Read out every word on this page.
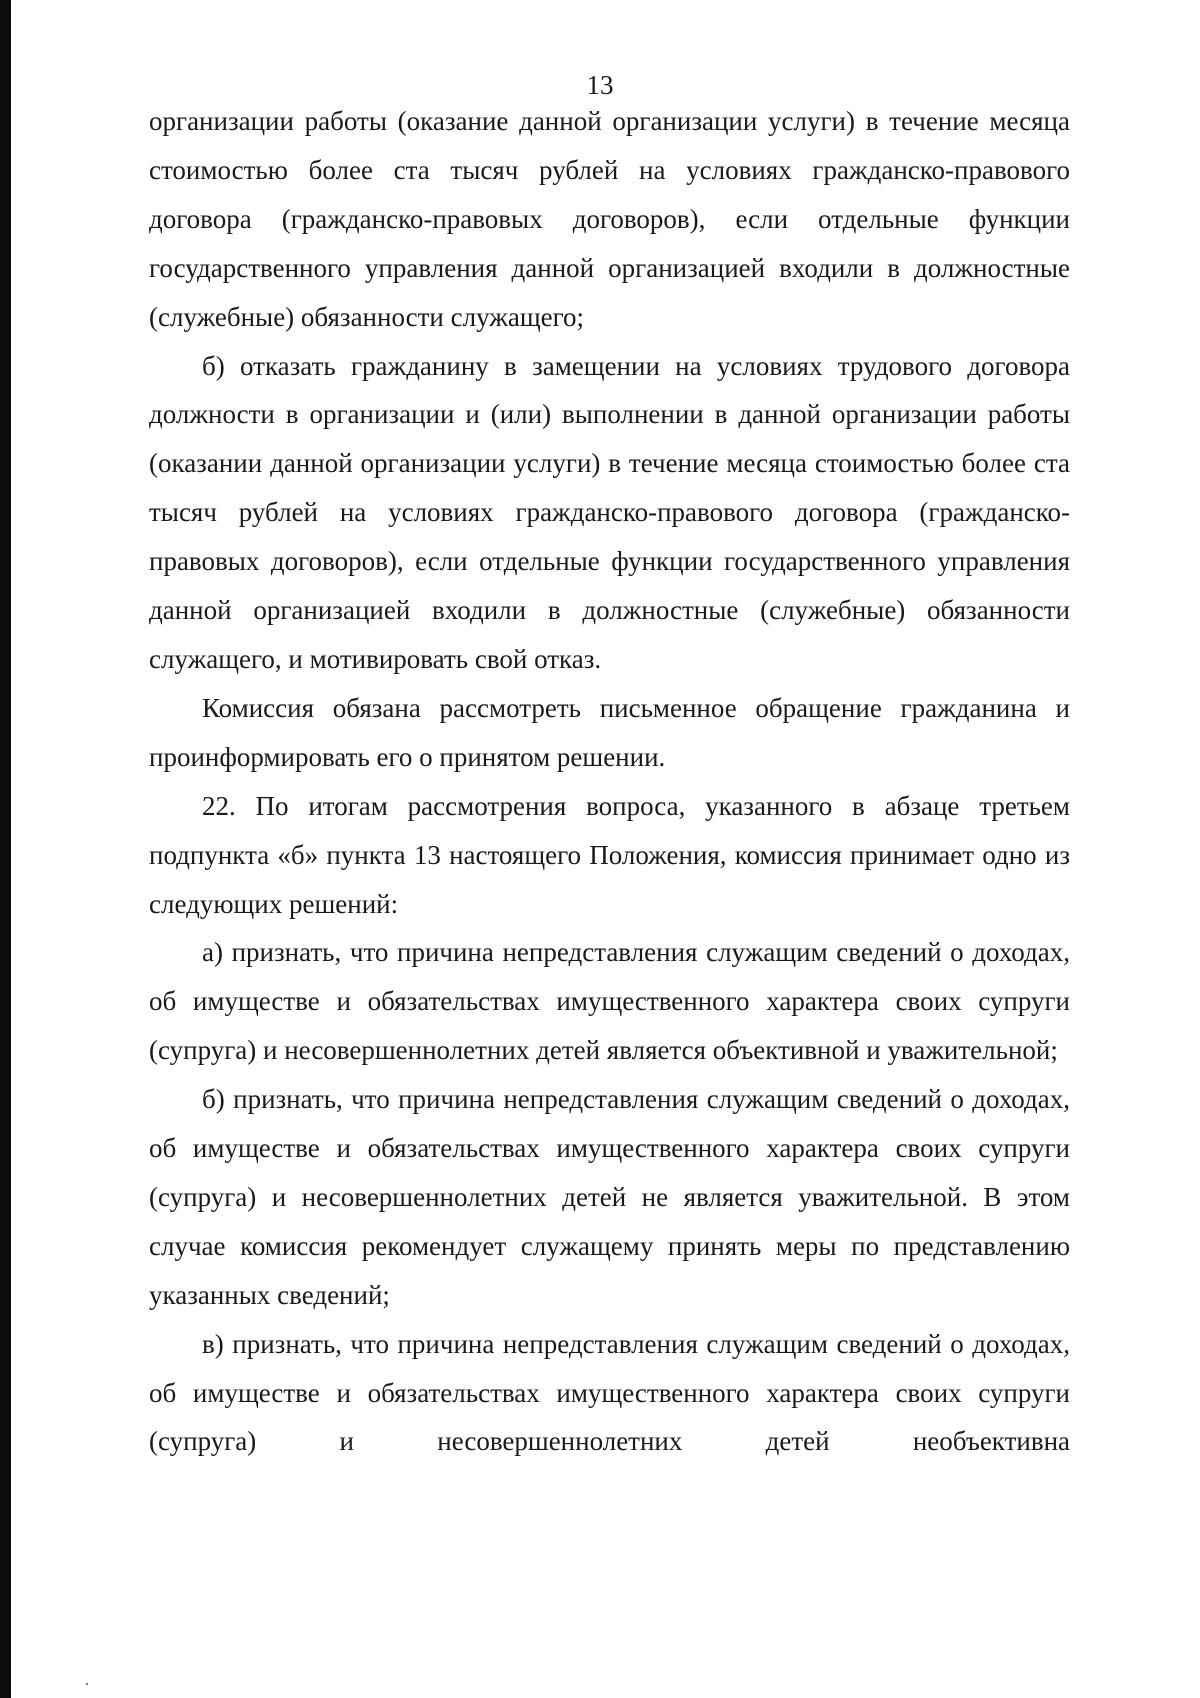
13

организации работы (оказание данной организации услуги) в течение месяца стоимостью более ста тысяч рублей на условиях гражданско-правового договора (гражданско-правовых договоров), если отдельные функции государственного управления данной организацией входили в должностные (служебные) обязанности служащего;

б) отказать гражданину в замещении на условиях трудового договора должности в организации и (или) выполнении в данной организации работы (оказании данной организации услуги) в течение месяца стоимостью более ста тысяч рублей на условиях гражданско-правового договора (гражданско-правовых договоров), если отдельные функции государственного управления данной организацией входили в должностные (служебные) обязанности служащего, и мотивировать свой отказ.

Комиссия обязана рассмотреть письменное обращение гражданина и проинформировать его о принятом решении.

22. По итогам рассмотрения вопроса, указанного в абзаце третьем подпункта «б» пункта 13 настоящего Положения, комиссия принимает одно из следующих решений:

а) признать, что причина непредставления служащим сведений о доходах, об имуществе и обязательствах имущественного характера своих супруги (супруга) и несовершеннолетних детей является объективной и уважительной;

б) признать, что причина непредставления служащим сведений о доходах, об имуществе и обязательствах имущественного характера своих супруги (супруга) и несовершеннолетних детей не является уважительной. В этом случае комиссия рекомендует служащему принять меры по представлению указанных сведений;

в) признать, что причина непредставления служащим сведений о доходах, об имуществе и обязательствах имущественного характера своих супруги (супруга) и несовершеннолетних детей необъективна
